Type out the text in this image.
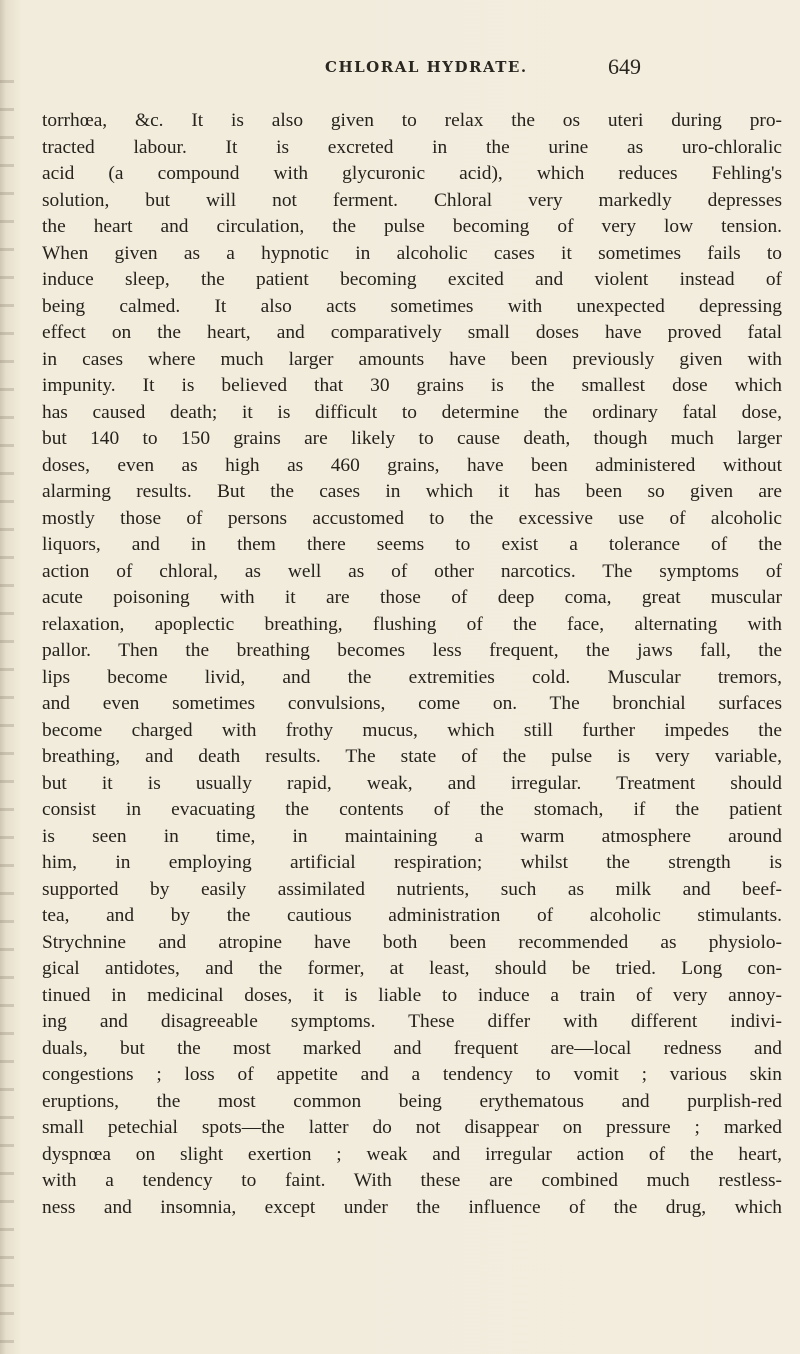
CHLORAL HYDRATE.	649
torrhœa, &c. It is also given to relax the os uteri during pro-
tracted labour. It is excreted in the urine as uro-chloralic
acid (a compound with glycuronic acid), which reduces Fehling's
solution, but will not ferment. Chloral very markedly depresses
the heart and circulation, the pulse becoming of very low tension.
When given as a hypnotic in alcoholic cases it sometimes fails to
induce sleep, the patient becoming excited and violent instead of
being calmed. It also acts sometimes with unexpected depressing
effect on the heart, and comparatively small doses have proved fatal
in cases where much larger amounts have been previously given with
impunity. It is believed that 30 grains is the smallest dose which
has caused death; it is difficult to determine the ordinary fatal dose,
but 140 to 150 grains are likely to cause death, though much larger
doses, even as high as 460 grains, have been administered without
alarming results. But the cases in which it has been so given are
mostly those of persons accustomed to the excessive use of alcoholic
liquors, and in them there seems to exist a tolerance of the
action of chloral, as well as of other narcotics. The symptoms of
acute poisoning with it are those of deep coma, great muscular
relaxation, apoplectic breathing, flushing of the face, alternating with
pallor. Then the breathing becomes less frequent, the jaws fall, the
lips become livid, and the extremities cold. Muscular tremors,
and even sometimes convulsions, come on. The bronchial surfaces
become charged with frothy mucus, which still further impedes the
breathing, and death results. The state of the pulse is very variable,
but it is usually rapid, weak, and irregular. Treatment should
consist in evacuating the contents of the stomach, if the patient
is seen in time, in maintaining a warm atmosphere around
him, in employing artificial respiration; whilst the strength is
supported by easily assimilated nutrients, such as milk and beef-
tea, and by the cautious administration of alcoholic stimulants.
Strychnine and atropine have both been recommended as physiolo-
gical antidotes, and the former, at least, should be tried. Long con-
tinued in medicinal doses, it is liable to induce a train of very annoy-
ing and disagreeable symptoms. These differ with different indivi-
duals, but the most marked and frequent are—local redness and
congestions ; loss of appetite and a tendency to vomit ; various skin
eruptions, the most common being erythematous and purplish-red
small petechial spots—the latter do not disappear on pressure ; marked
dyspnœa on slight exertion ; weak and irregular action of the heart,
with a tendency to faint. With these are combined much restless-
ness and insomnia, except under the influence of the drug, which
